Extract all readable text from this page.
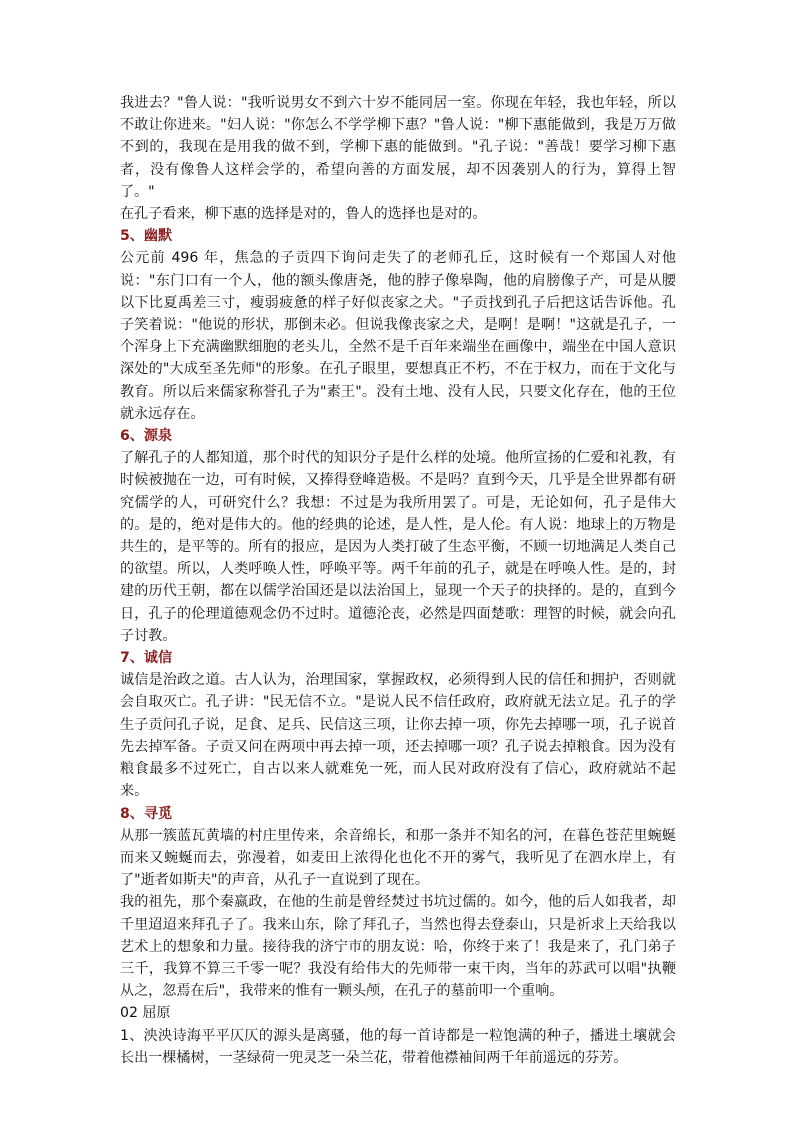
我进去？"鲁人说："我听说男女不到六十岁不能同居一室。你现在年轻，我也年轻，所以不敢让你进来。"妇人说："你怎么不学学柳下惠？"鲁人说："柳下惠能做到，我是万万做不到的，我现在是用我的做不到，学柳下惠的能做到。"孔子说："善哉！要学习柳下惠者，没有像鲁人这样会学的，希望向善的方面发展，却不因袭别人的行为，算得上智了。"

在孔子看来，柳下惠的选择是对的，鲁人的选择也是对的。

5、幽默

公元前 496 年，焦急的子贡四下询问走失了的老师孔丘，这时候有一个郑国人对他说："东门口有一个人，他的额头像唐尧，他的脖子像皋陶，他的肩膀像子产，可是从腰以下比夏禹差三寸，瘦弱疲惫的样子好似丧家之犬。"子贡找到孔子后把这话告诉他。孔子笑着说："他说的形状，那倒未必。但说我像丧家之犬，是啊！是啊！"这就是孔子，一个浑身上下充满幽默细胞的老头儿，全然不是千百年来端坐在画像中，端坐在中国人意识深处的"大成至圣先师"的形象。在孔子眼里，要想真正不朽，不在于权力，而在于文化与教育。所以后来儒家称誉孔子为"素王"。没有土地、没有人民，只要文化存在，他的王位就永远存在。

6、源泉

了解孔子的人都知道，那个时代的知识分子是什么样的处境。他所宣扬的仁爱和礼教，有时候被抛在一边，可有时候，又捧得登峰造极。不是吗？直到今天，几乎是全世界都有研究儒学的人，可研究什么？我想：不过是为我所用罢了。可是，无论如何，孔子是伟大的。是的，绝对是伟大的。他的经典的论述，是人性，是人伦。有人说：地球上的万物是共生的，是平等的。所有的报应，是因为人类打破了生态平衡，不顾一切地满足人类自己的欲望。所以，人类呼唤人性，呼唤平等。两千年前的孔子，就是在呼唤人性。是的，封建的历代王朝，都在以儒学治国还是以法治国上，显现一个天子的抉择的。是的，直到今日，孔子的伦理道德观念仍不过时。道德沦丧，必然是四面楚歌：理智的时候，就会向孔子讨教。

7、诚信

诚信是治政之道。古人认为，治理国家，掌握政权，必须得到人民的信任和拥护，否则就会自取灭亡。孔子讲："民无信不立。"是说人民不信任政府，政府就无法立足。孔子的学生子贡问孔子说，足食、足兵、民信这三项，让你去掉一项，你先去掉哪一项，孔子说首先去掉军备。子贡又问在两项中再去掉一项，还去掉哪一项？孔子说去掉粮食。因为没有粮食最多不过死亡，自古以来人就难免一死，而人民对政府没有了信心，政府就站不起来。

8、寻觅

从那一簇蓝瓦黄墙的村庄里传来，余音绵长，和那一条并不知名的河，在暮色苍茫里蜿蜒而来又蜿蜒而去，弥漫着，如麦田上浓得化也化不开的雾气，我听见了在泗水岸上，有了"逝者如斯夫"的声音，从孔子一直说到了现在。

我的祖先，那个秦嬴政，在他的生前是曾经焚过书坑过儒的。如今，他的后人如我者，却千里迢迢来拜孔子了。我来山东，除了拜孔子，当然也得去登泰山，只是祈求上天给我以艺术上的想象和力量。接待我的济宁市的朋友说：哈，你终于来了！我是来了，孔门弟子三千，我算不算三千零一呢？我没有给伟大的先师带一束干肉，当年的苏武可以唱"执鞭从之，忽焉在后"，我带来的惟有一颗头颅，在孔子的墓前叩一个重响。

02 屈原

1、泱泱诗海平平仄仄的源头是离骚，他的每一首诗都是一粒饱满的种子，播进土壤就会长出一棵橘树，一茎绿荷一兜灵芝一朵兰花，带着他襟袖间两千年前遥远的芬芳。
